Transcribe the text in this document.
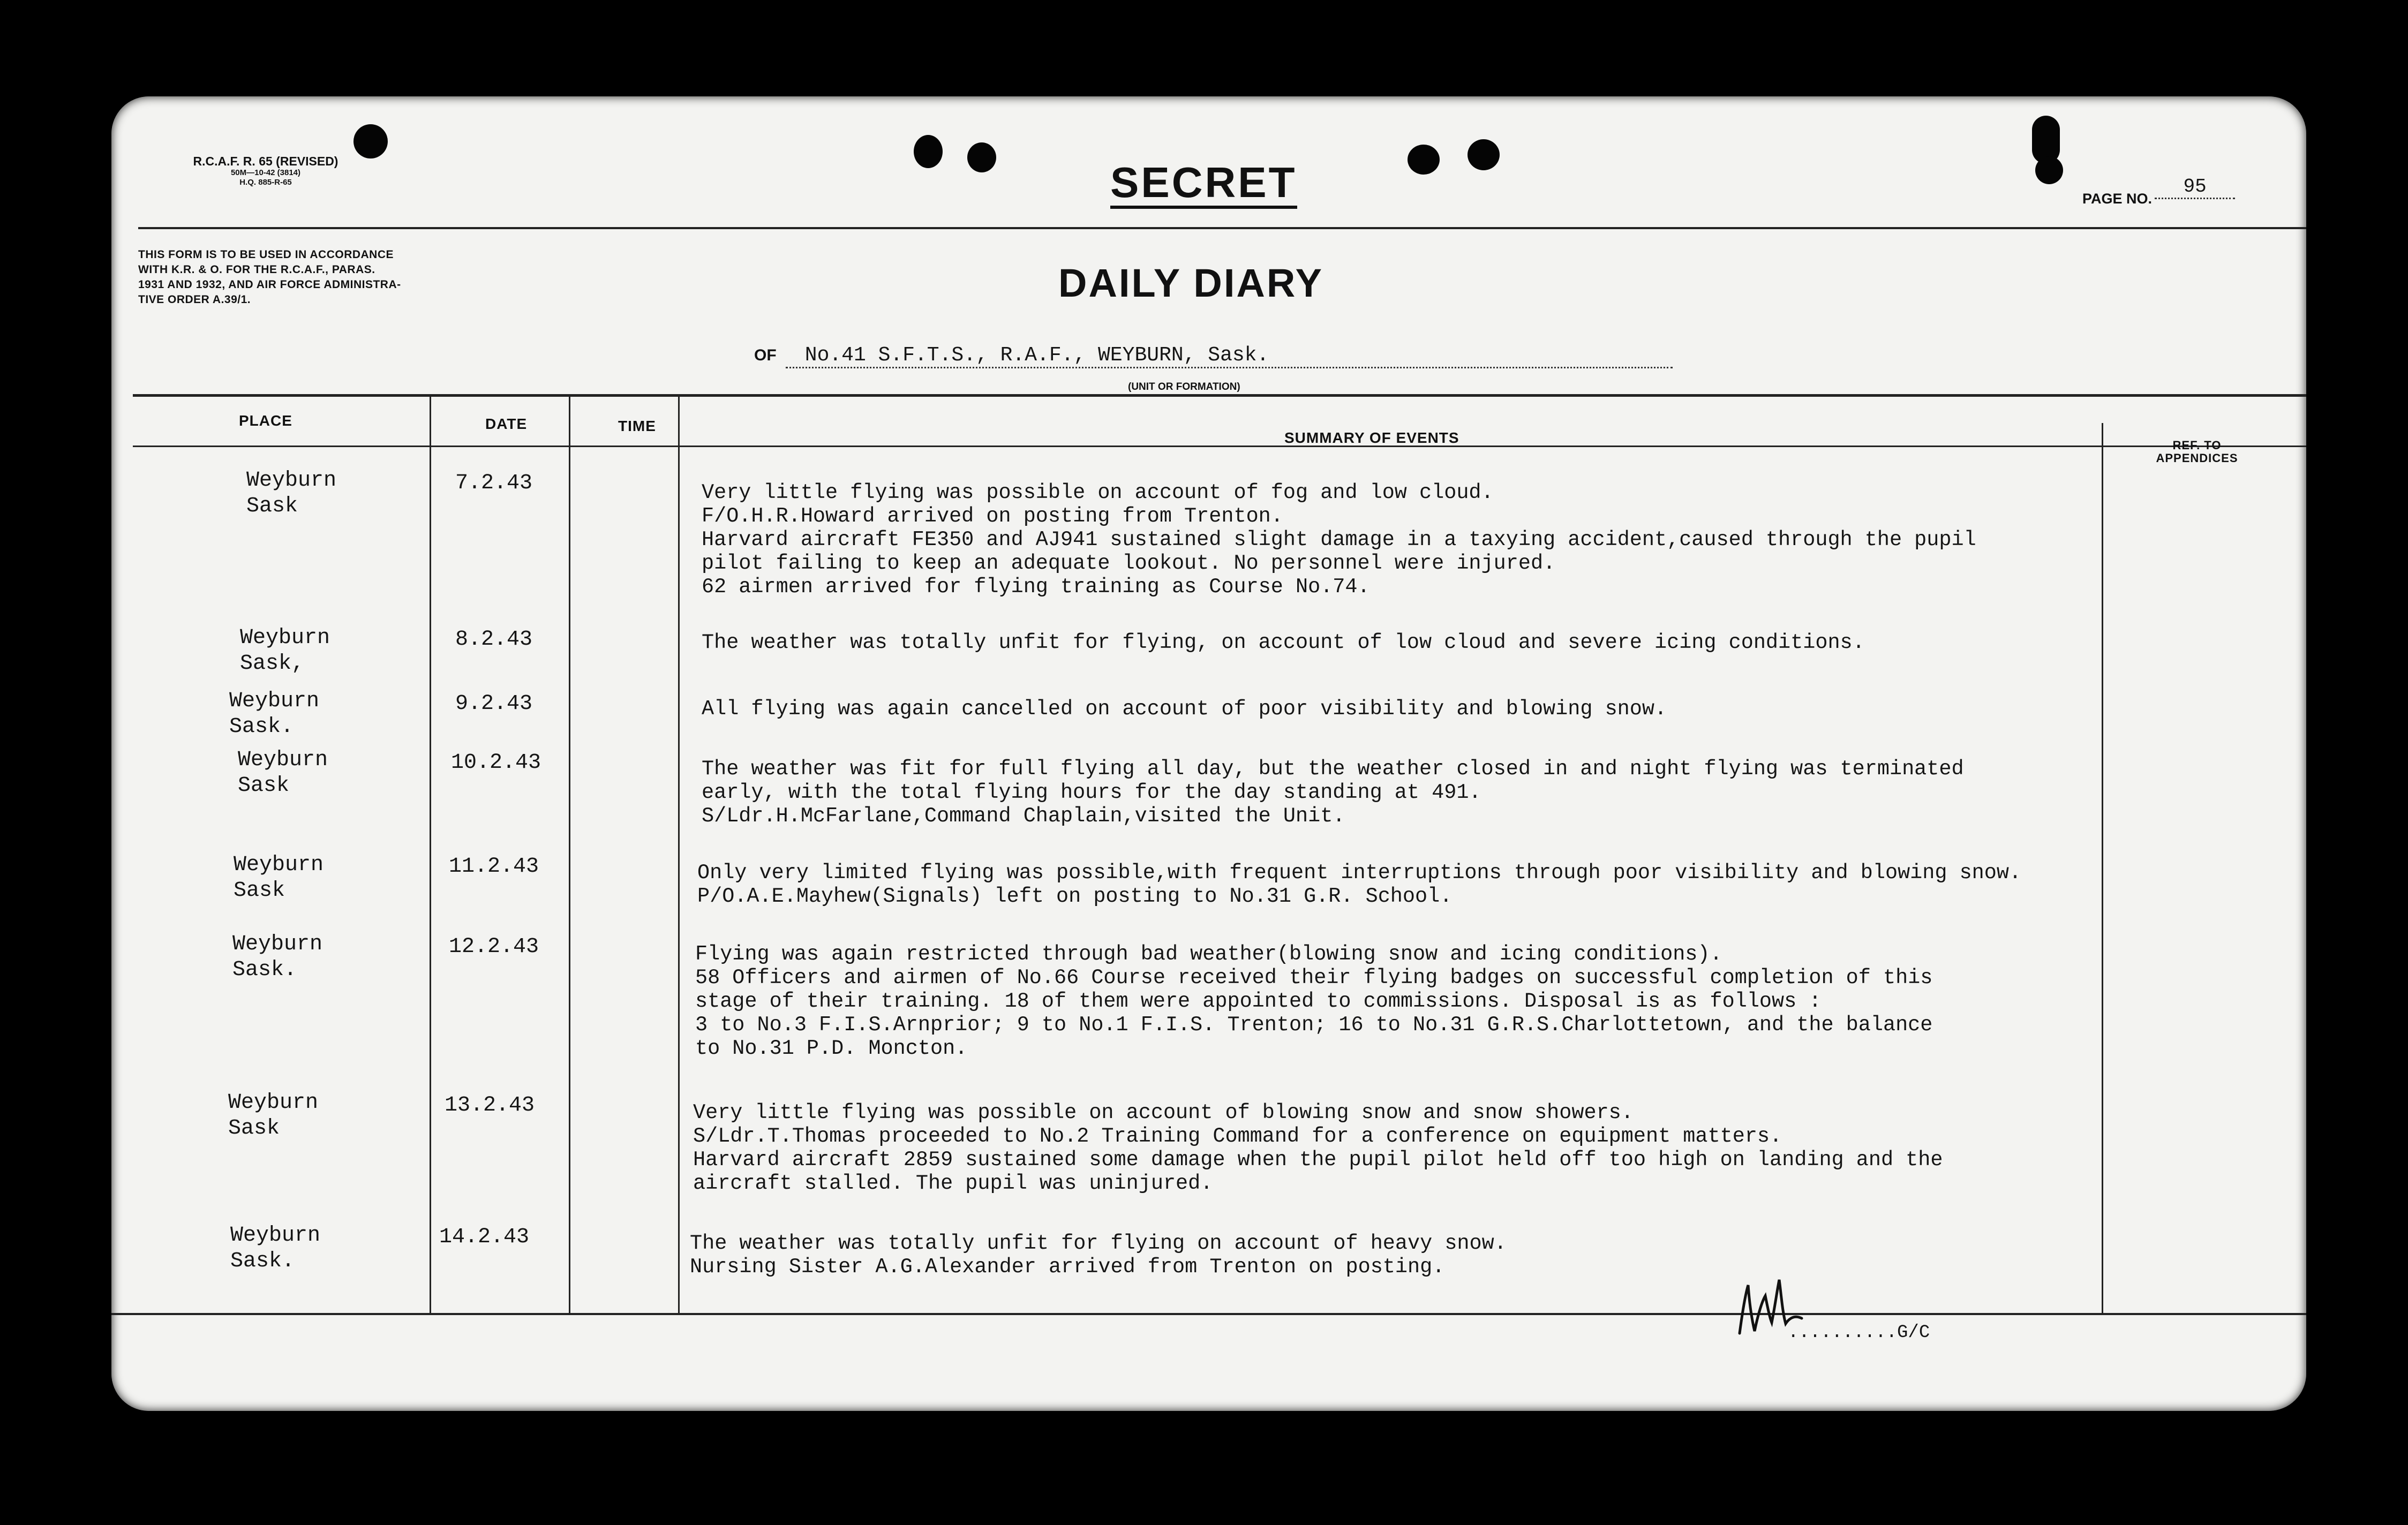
R.C.A.F. R. 65 (REVISED)
50M—10-42 (3814)
H.Q. 885-R-65	SECRET	PAGE NO. 95
THIS FORM IS TO BE USED IN ACCORDANCE
WITH K.R. & O. FOR THE R.C.A.F., PARAS.
1931 AND 1932, AND AIR FORCE ADMINISTRA-
TIVE ORDER A.39/1.	DAILY DIARY
OF No.41 S.F.T.S., R.A.F., WEYBURN, Sask.
(UNIT OR FORMATION)
PLACE	DATE	TIME
SUMMARY OF EVENTS	REF. TO
APPENDICES
Weyburn
Sask
7.2.43	Very little flying was possible on account of fog and low cloud.
F/O.H.R.Howard arrived on posting from Trenton.
Harvard aircraft FE350 and AJ941 sustained slight damage in a taxying accident,caused through the pupil
pilot failing to keep an adequate lookout. No personnel were injured.
62 airmen arrived for flying training as Course No.74.
Weyburn
Sask,
8.2.43	The weather was totally unfit for flying, on account of low cloud and severe icing conditions.
Weyburn
Sask.
9.2.43	All flying was again cancelled on account of poor visibility and blowing snow.
Weyburn
Sask
10.2.43	The weather was fit for full flying all day, but the weather closed in and night flying was terminated
early, with the total flying hours for the day standing at 491.
S/Ldr.H.McFarlane,Command Chaplain,visited the Unit.
Weyburn
Sask
11.2.43	Only very limited flying was possible,with frequent interruptions through poor visibility and blowing snow.
P/O.A.E.Mayhew(Signals) left on posting to No.31 G.R. School.
Weyburn
Sask.
12.2.43	Flying was again restricted through bad weather(blowing snow and icing conditions).
58 Officers and airmen of No.66 Course received their flying badges on successful completion of this
stage of their training. 18 of them were appointed to commissions. Disposal is as follows :
3 to No.3 F.I.S.Arnprior; 9 to No.1 F.I.S. Trenton; 16 to No.31 G.R.S.Charlottetown, and the balance
to No.31 P.D. Moncton.
Weyburn
Sask
13.2.43	Very little flying was possible on account of blowing snow and snow showers.
S/Ldr.T.Thomas proceeded to No.2 Training Command for a conference on equipment matters.
Harvard aircraft 2859 sustained some damage when the pupil pilot held off too high on landing and the
aircraft stalled. The pupil was uninjured.
Weyburn
Sask.
14.2.43	The weather was totally unfit for flying on account of heavy snow.
Nursing Sister A.G.Alexander arrived from Trenton on posting.
..........G/C
